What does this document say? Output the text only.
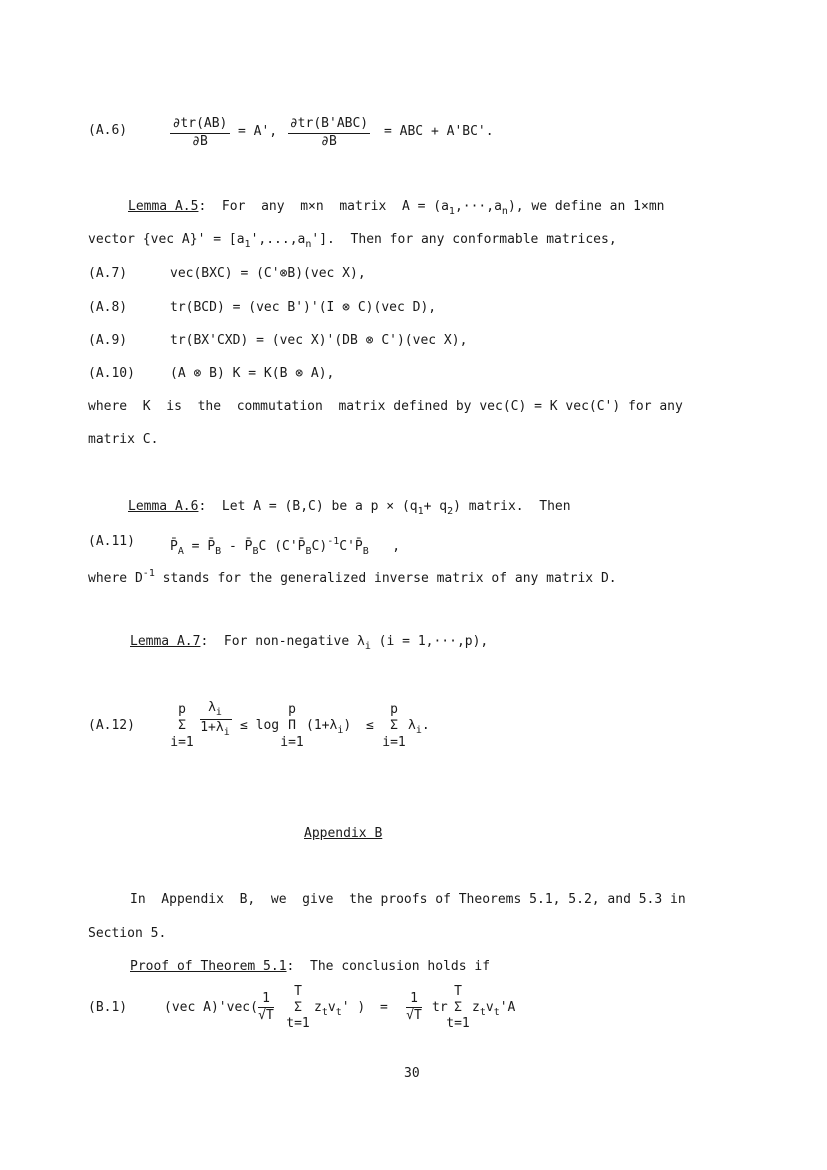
(A.6)	∂tr(AB)
∂B
= A',
∂tr(B'ABC)
∂B
= ABC + A'BC'.
Lemma A.5:  For  any  m×n  matrix  $A = (a_1,\cdot\cdot\cdot,a_n)$, we define an 1×mn
vector {vec $A\}' = [a_1',...,a_n']$.  Then for any conformable matrices,
(A.7)	vec(BXC) = (C'⊗B)(vec X),
(A.8)	tr(BCD) = (vec B')'(I ⊗ C)(vec D),
(A.9)	tr(BX'CXD) = (vec X)'(DB ⊗ C')(vec X),
(A.10)	(A ⊗ B) K = K(B ⊗ A),
where  K  is  the  commutation  matrix defined by vec(C) = K vec(C') for any
matrix C.
Lemma A.6:  Let A = (B,C) be a $p \times (q_1+ q_2)$ matrix.  Then
(A.11)	$P̄_A$ = $P̄_B$ - $P̄_BC$ $(C'P̄_BC)^{-1}C'P̄_B$   ,
where $D^{-1}$ stands for the generalized inverse matrix of any matrix D.
Lemma A.7:  For non-negative $\lambda_i$ (i = 1,···,p),
(A.12)
p
Σ
i=1
$\lambda_i$
$1+\lambda_i \le \log$
p
Π
i=1
$(1+\lambda_i)$ ≤
p
Σ
i=1
$\lambda_i$.
Appendix B
In  Appendix  B,  we  give  the proofs of Theorems 5.1, 5.2, and 5.3 in
Section 5.
Proof of Theorem 5.1:  The conclusion holds if
(B.1)	(vec A)'vec(
1
√T
T
Σ
t=1
$z_tv_t'$ ) =
1
√T
tr
T
Σ
t=1
$z_tv_t'A$
30
